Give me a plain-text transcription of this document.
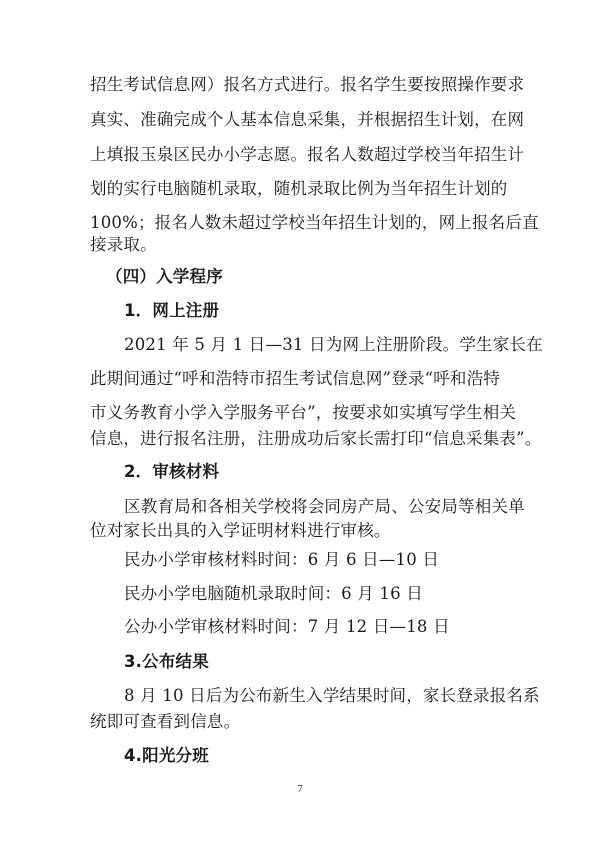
招生考试信息网）报名方式进行。报名学生要按照操作要求
真实、准确完成个人基本信息采集，并根据招生计划，在网
上填报玉泉区民办小学志愿。报名人数超过学校当年招生计
划的实行电脑随机录取，随机录取比例为当年招生计划的
100%；报名人数未超过学校当年招生计划的，网上报名后直
接录取。
（四）入学程序
1．网上注册
2021 年 5 月 1 日—31 日为网上注册阶段。学生家长在
此期间通过“呼和浩特市招生考试信息网”登录“呼和浩特
市义务教育小学入学服务平台”，按要求如实填写学生相关
信息，进行报名注册，注册成功后家长需打印“信息采集表”。
2．审核材料
区教育局和各相关学校将会同房产局、公安局等相关单
位对家长出具的入学证明材料进行审核。
民办小学审核材料时间：6 月 6 日—10 日
民办小学电脑随机录取时间：6 月 16 日
公办小学审核材料时间：7 月 12 日—18 日
3.公布结果
8 月 10 日后为公布新生入学结果时间，家长登录报名系
统即可查看到信息。
4.阳光分班
7
